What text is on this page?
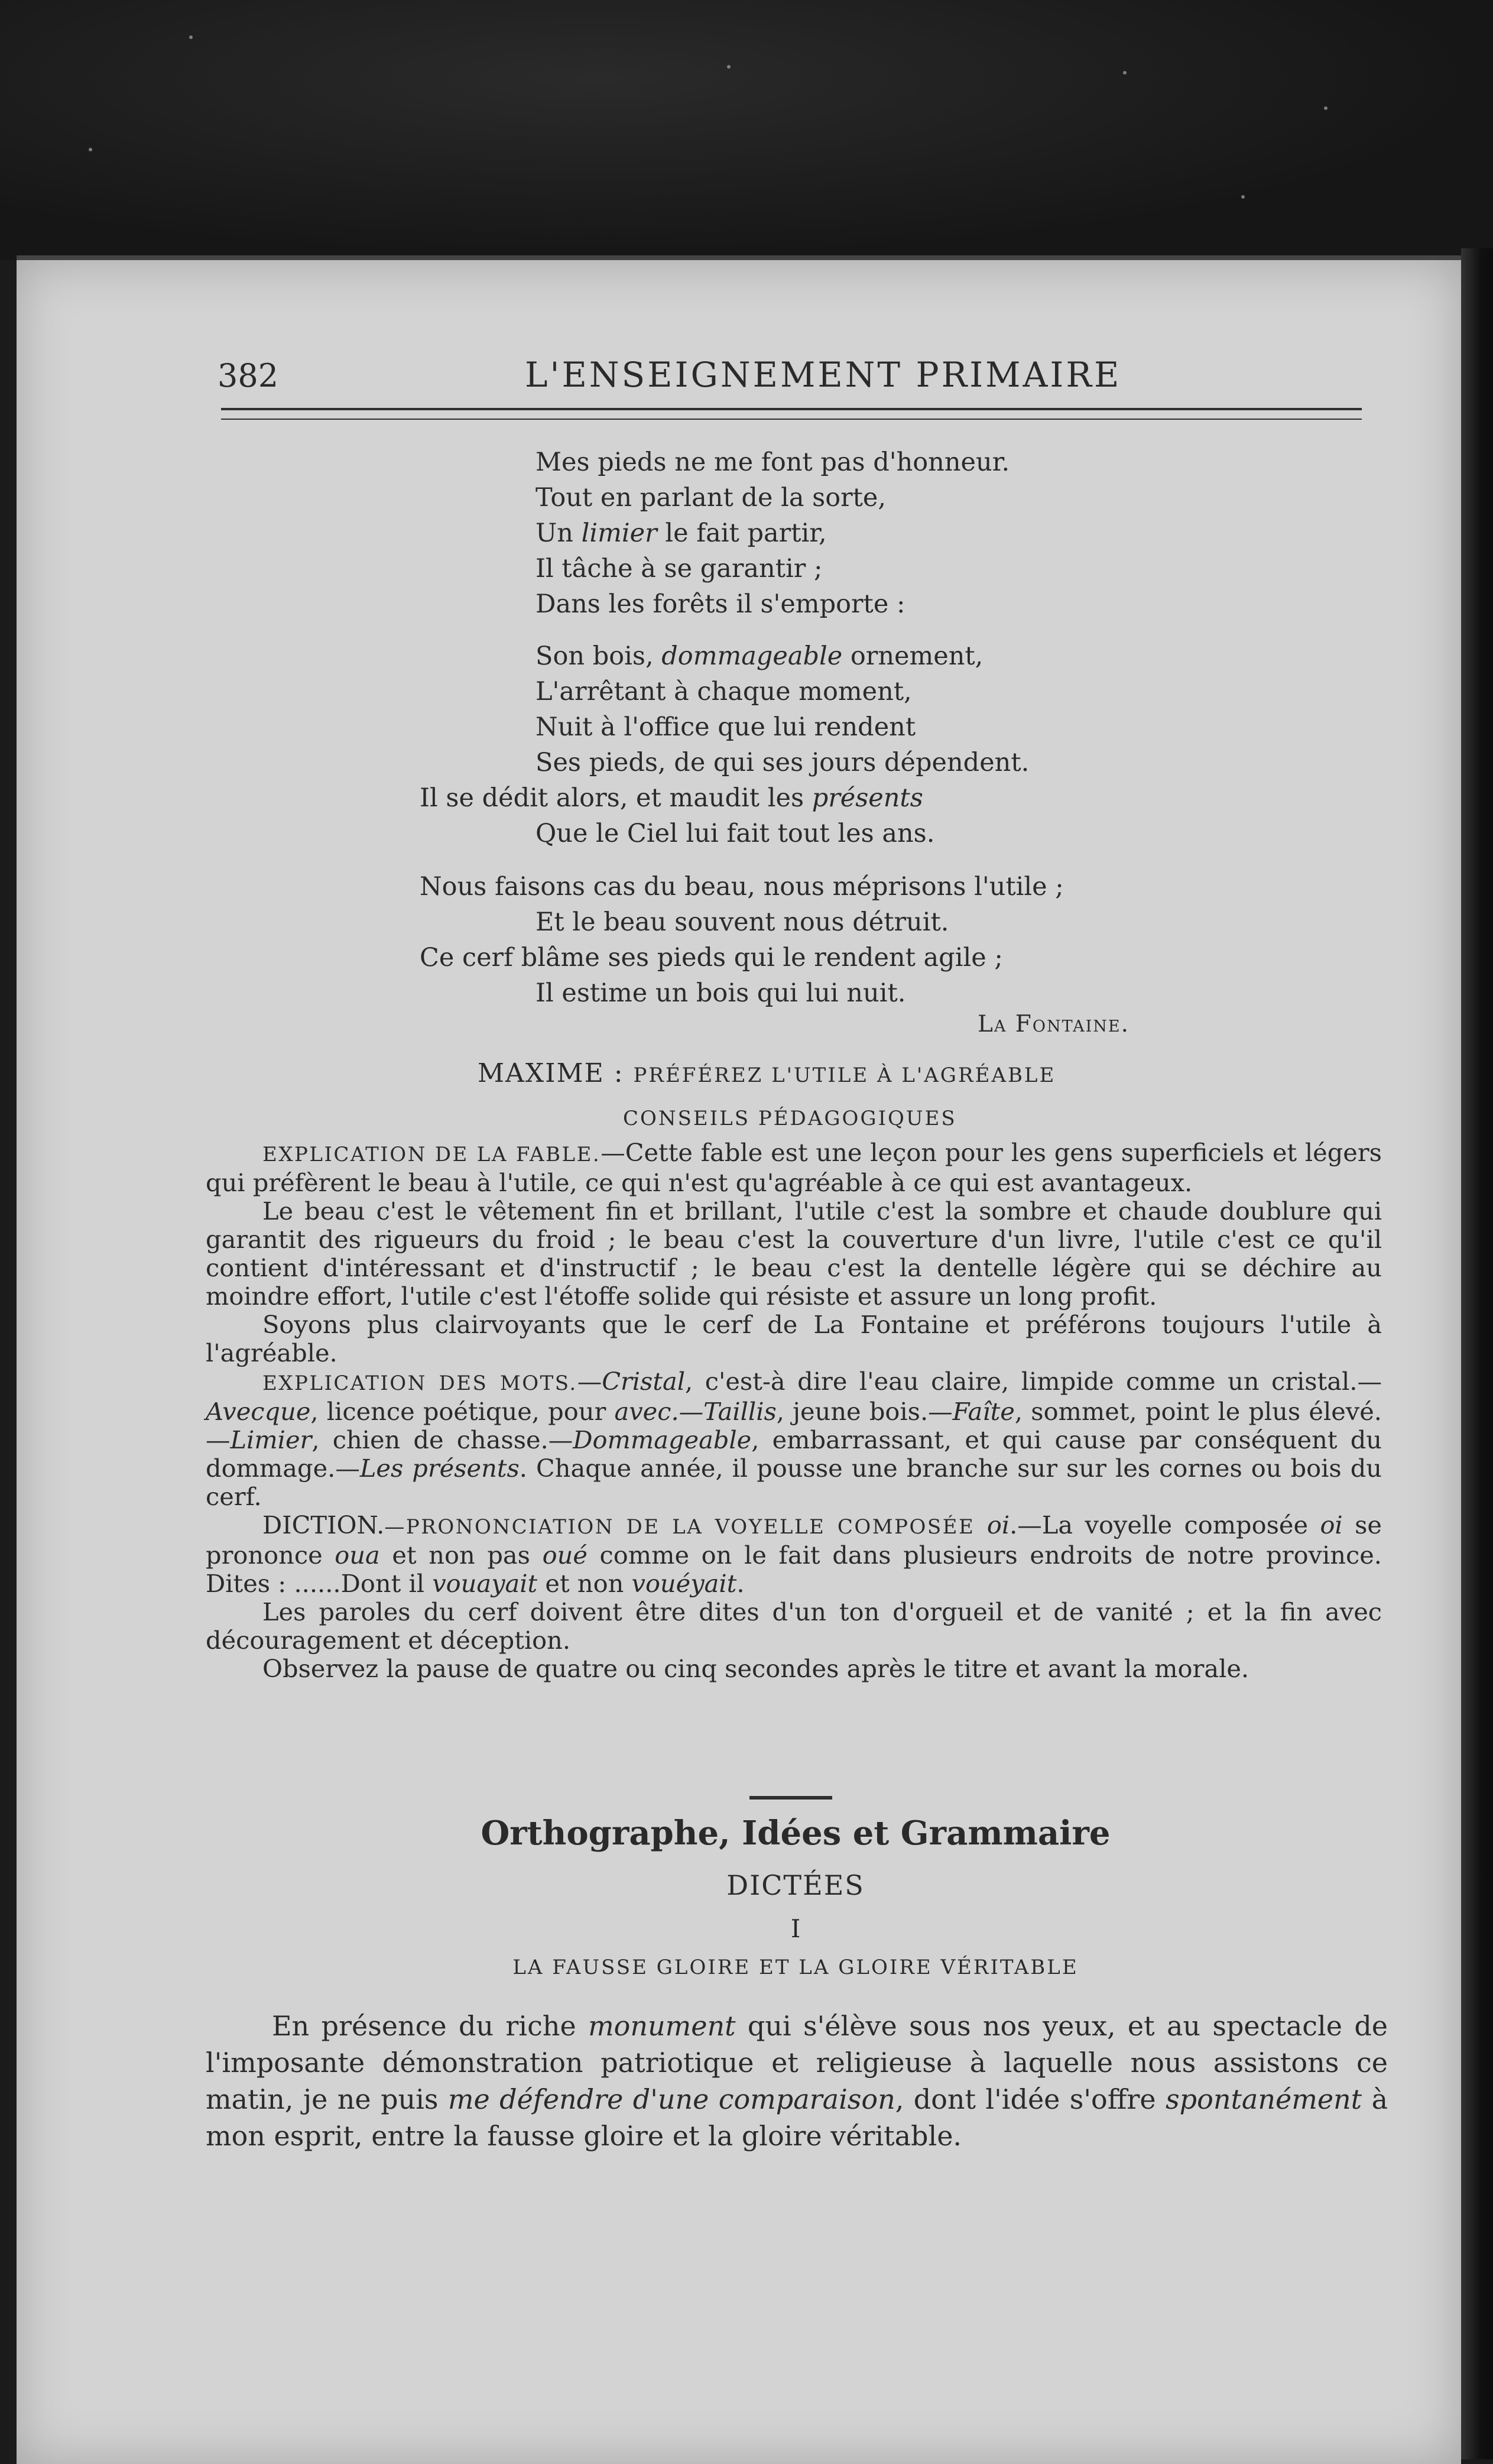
382	L'ENSEIGNEMENT PRIMAIRE
Mes pieds ne me font pas d'honneur.
Tout en parlant de la sorte,
Un limier le fait partir,
Il tâche à se garantir ;
Dans les forêts il s'emporte :
Son bois, dommageable ornement,
L'arrêtant à chaque moment,
Nuit à l'office que lui rendent
Ses pieds, de qui ses jours dépendent.
Il se dédit alors, et maudit les présents
Que le Ciel lui fait tout les ans.
Nous faisons cas du beau, nous méprisons l'utile ;
Et le beau souvent nous détruit.
Ce cerf blâme ses pieds qui le rendent agile ;
Il estime un bois qui lui nuit.
La Fontaine.
MAXIME : PRÉFÉREZ L'UTILE À L'AGRÉABLE
CONSEILS PÉDAGOGIQUES

EXPLICATION DE LA FABLE.—Cette fable est une leçon pour les gens superficiels et légers qui préfèrent le beau à l'utile, ce qui n'est qu'agréable à ce qui est avantageux.

Le beau c'est le vêtement fin et brillant, l'utile c'est la sombre et chaude doublure qui garantit des rigueurs du froid ; le beau c'est la couverture d'un livre, l'utile c'est ce qu'il contient d'intéressant et d'instructif ; le beau c'est la dentelle légère qui se déchire au moindre effort, l'utile c'est l'étoffe solide qui résiste et assure un long profit.

Soyons plus clairvoyants que le cerf de La Fontaine et préférons toujours l'utile à l'agréable.

EXPLICATION DES MOTS.—Cristal, c'est-à dire l'eau claire, limpide comme un cristal.—Avecque, licence poétique, pour avec.—Taillis, jeune bois.—Faîte, sommet, point le plus élevé.—Limier, chien de chasse.—Dommageable, embarrassant, et qui cause par conséquent du dommage.—Les présents. Chaque année, il pousse une branche sur sur les cornes ou bois du cerf.

DICTION.—PRONONCIATION DE LA VOYELLE COMPOSÉE oi.—La voyelle composée oi se prononce oua et non pas oué comme on le fait dans plusieurs endroits de notre province. Dites : ......Dont il vouayait et non vouéyait.

Les paroles du cerf doivent être dites d'un ton d'orgueil et de vanité ; et la fin avec découragement et déception.

Observez la pause de quatre ou cinq secondes après le titre et avant la morale.

Orthographe, Idées et Grammaire
DICTÉES
I
LA FAUSSE GLOIRE ET LA GLOIRE VÉRITABLE

En présence du riche monument qui s'élève sous nos yeux, et au spectacle de l'imposante démonstration patriotique et religieuse à laquelle nous assistons ce matin, je ne puis me défendre d'une comparaison, dont l'idée s'offre spontanément à mon esprit, entre la fausse gloire et la gloire véritable.
